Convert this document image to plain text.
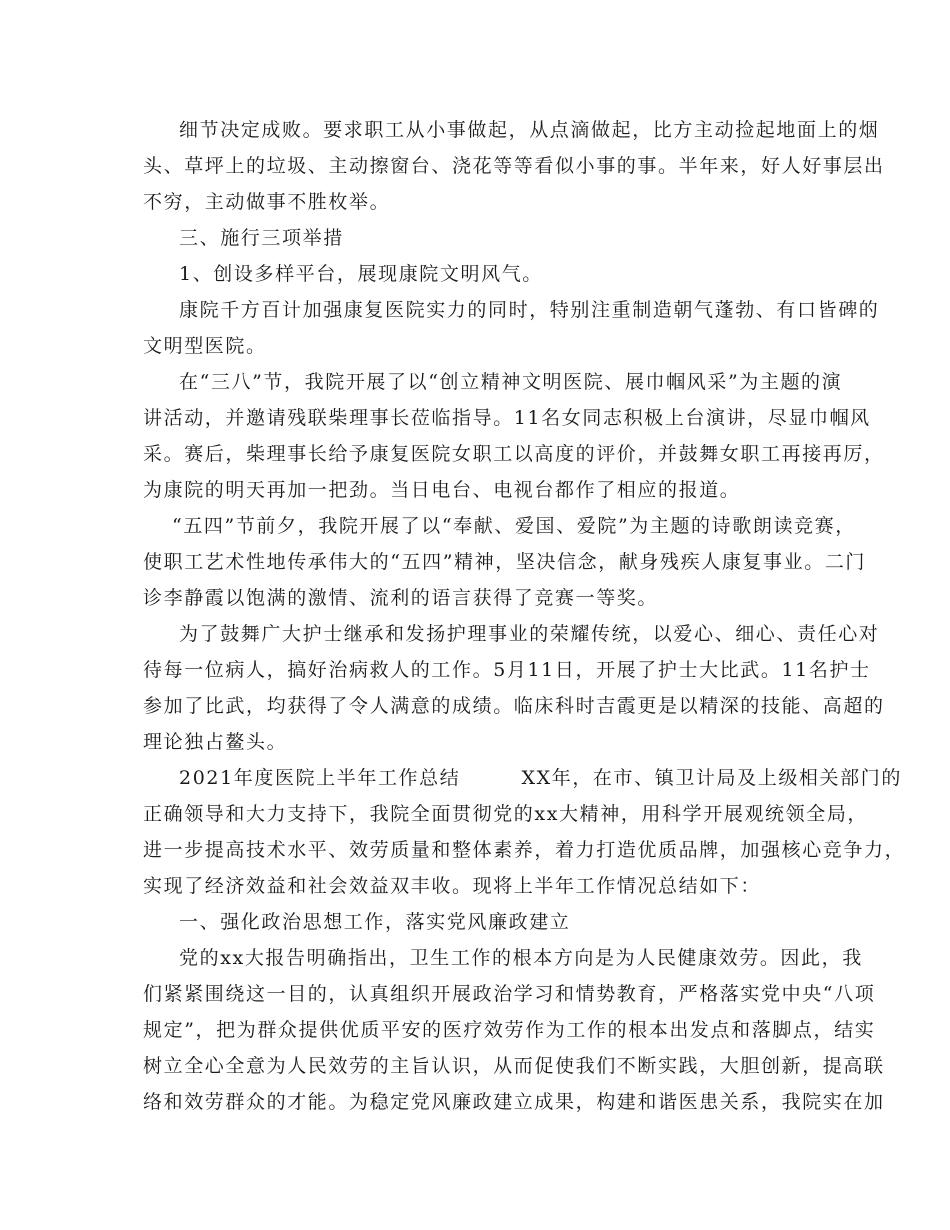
细节决定成败。要求职工从小事做起，从点滴做起，比方主动捡起地面上的烟
头、草坪上的垃圾、主动擦窗台、浇花等等看似小事的事。半年来，好人好事层出
不穷，主动做事不胜枚举。
三、施行三项举措
1、创设多样平台，展现康院文明风气。
康院千方百计加强康复医院实力的同时，特别注重制造朝气蓬勃、有口皆碑的
文明型医院。
在“三八”节，我院开展了以“创立精神文明医院、展巾帼风采”为主题的演
讲活动，并邀请残联柴理事长莅临指导。11名女同志积极上台演讲，尽显巾帼风
采。赛后，柴理事长给予康复医院女职工以高度的评价，并鼓舞女职工再接再厉，
为康院的明天再加一把劲。当日电台、电视台都作了相应的报道。
“五四”节前夕，我院开展了以“奉献、爱国、爱院”为主题的诗歌朗读竞赛，
使职工艺术性地传承伟大的“五四”精神，坚决信念，献身残疾人康复事业。二门
诊李静霞以饱满的激情、流利的语言获得了竞赛一等奖。
为了鼓舞广大护士继承和发扬护理事业的荣耀传统，以爱心、细心、责任心对
待每一位病人，搞好治病救人的工作。5月11日，开展了护士大比武。11名护士
参加了比武，均获得了令人满意的成绩。临床科时吉霞更是以精深的技能、高超的
理论独占鳌头。
2021年度医院上半年工作总结        XX年，在市、镇卫计局及上级相关部门的
正确领导和大力支持下，我院全面贯彻党的xx大精神，用科学开展观统领全局，
进一步提高技术水平、效劳质量和整体素养，着力打造优质品牌，加强核心竞争力，
实现了经济效益和社会效益双丰收。现将上半年工作情况总结如下：
一、强化政治思想工作，落实党风廉政建立
党的xx大报告明确指出，卫生工作的根本方向是为人民健康效劳。因此，我
们紧紧围绕这一目的，认真组织开展政治学习和情势教育，严格落实党中央“八项
规定”，把为群众提供优质平安的医疗效劳作为工作的根本出发点和落脚点，结实
树立全心全意为人民效劳的主旨认识，从而促使我们不断实践，大胆创新，提高联
络和效劳群众的才能。为稳定党风廉政建立成果，构建和谐医患关系，我院实在加
